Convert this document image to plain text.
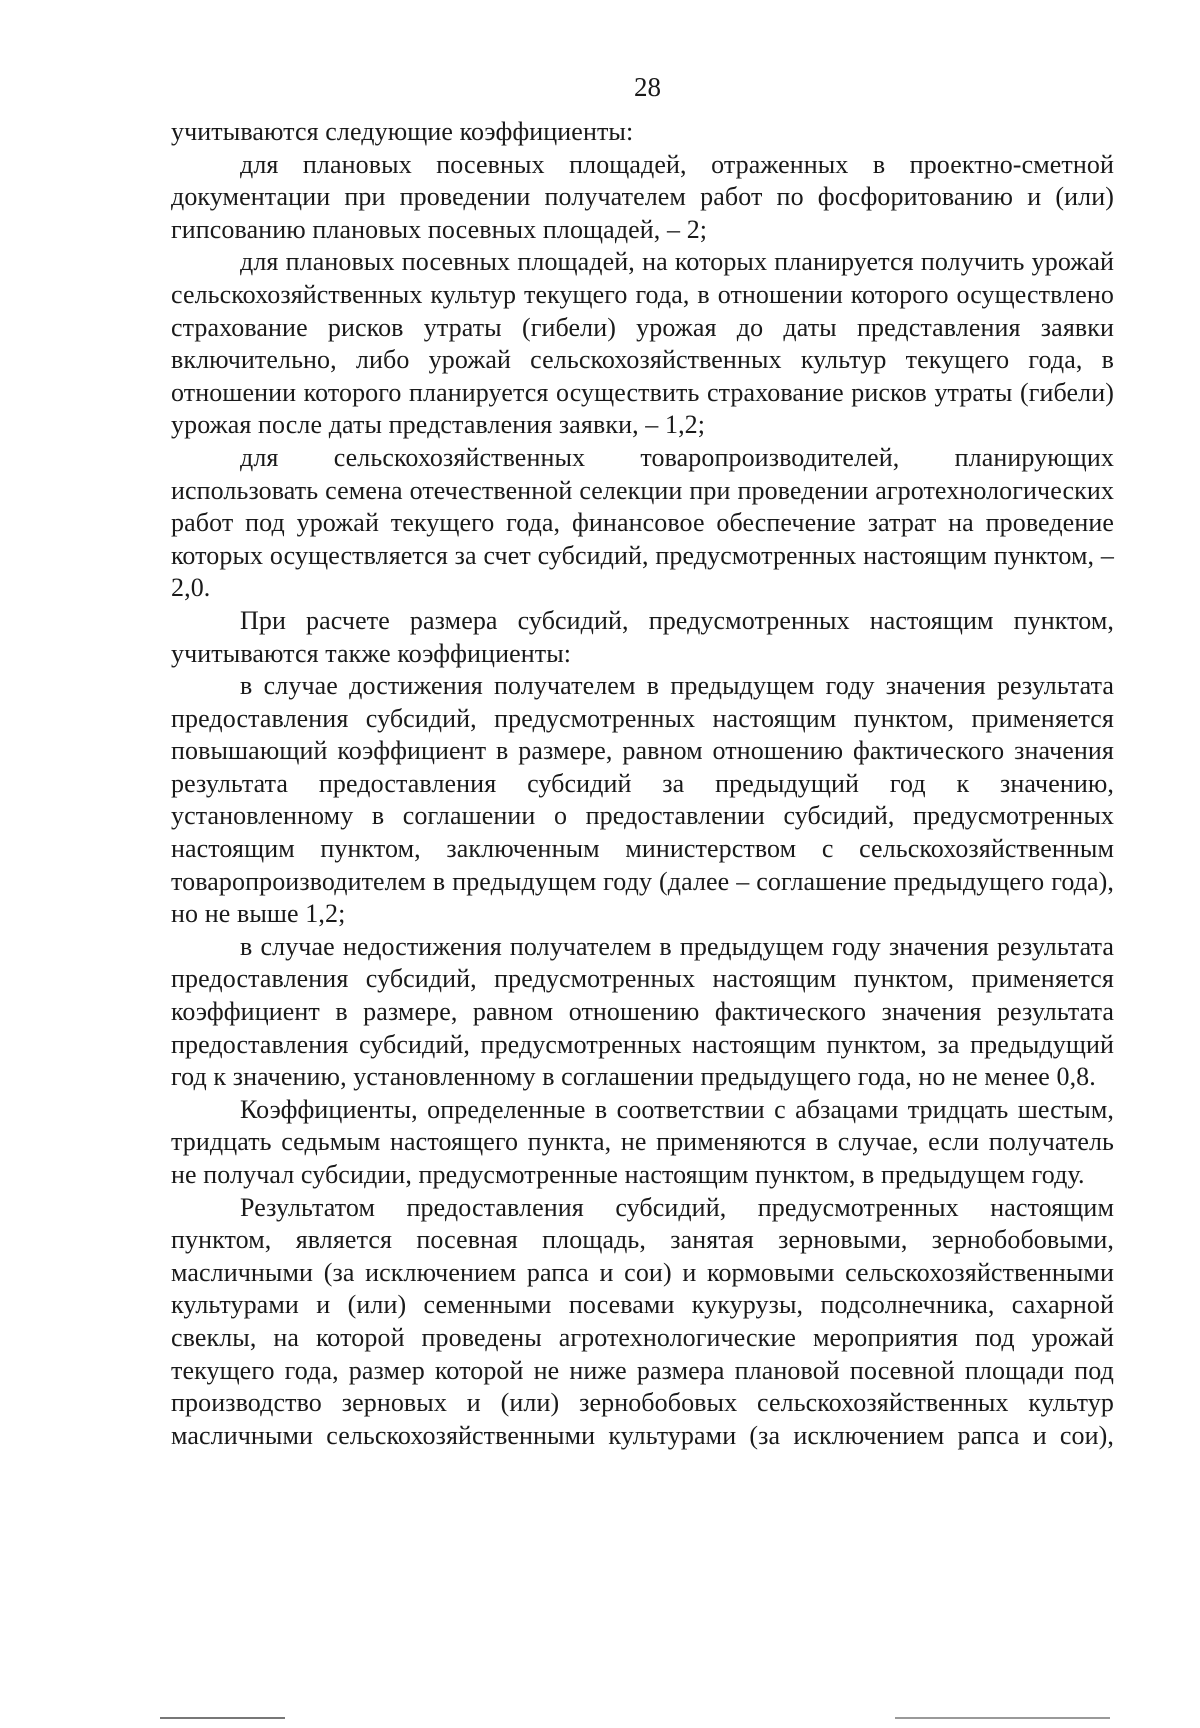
28

учитываются следующие коэффициенты:

для плановых посевных площадей, отраженных в проектно-сметной документации при проведении получателем работ по фосфоритованию и (или) гипсованию плановых посевных площадей, – 2;

для плановых посевных площадей, на которых планируется получить урожай сельскохозяйственных культур текущего года, в отношении которого осуществлено страхование рисков утраты (гибели) урожая до даты представления заявки включительно, либо урожай сельскохозяйственных культур текущего года, в отношении которого планируется осуществить страхование рисков утраты (гибели) урожая после даты представления заявки, – 1,2;

для сельскохозяйственных товаропроизводителей, планирующих использовать семена отечественной селекции при проведении агротехнологических работ под урожай текущего года, финансовое обеспечение затрат на проведение которых осуществляется за счет субсидий, предусмотренных настоящим пунктом, – 2,0.

При расчете размера субсидий, предусмотренных настоящим пунктом, учитываются также коэффициенты:

в случае достижения получателем в предыдущем году значения результата предоставления субсидий, предусмотренных настоящим пунктом, применяется повышающий коэффициент в размере, равном отношению фактического значения результата предоставления субсидий за предыдущий год к значению, установленному в соглашении о предоставлении субсидий, предусмотренных настоящим пунктом, заключенным министерством с сельскохозяйственным товаропроизводителем в предыдущем году (далее – соглашение предыдущего года), но не выше 1,2;

в случае недостижения получателем в предыдущем году значения результата предоставления субсидий, предусмотренных настоящим пунктом, применяется коэффициент в размере, равном отношению фактического значения результата предоставления субсидий, предусмотренных настоящим пунктом, за предыдущий год к значению, установленному в соглашении предыдущего года, но не менее 0,8.

Коэффициенты, определенные в соответствии с абзацами тридцать шестым, тридцать седьмым настоящего пункта, не применяются в случае, если получатель не получал субсидии, предусмотренные настоящим пунктом, в предыдущем году.

Результатом предоставления субсидий, предусмотренных настоящим пунктом, является посевная площадь, занятая зерновыми, зернобобовыми, масличными (за исключением рапса и сои) и кормовыми сельскохозяйственными культурами и (или) семенными посевами кукурузы, подсолнечника, сахарной свеклы, на которой проведены агротехнологические мероприятия под урожай текущего года, размер которой не ниже размера плановой посевной площади под производство зерновых и (или) зернобобовых сельскохозяйственных культур масличными сельскохозяйственными культурами (за исключением рапса и сои),
